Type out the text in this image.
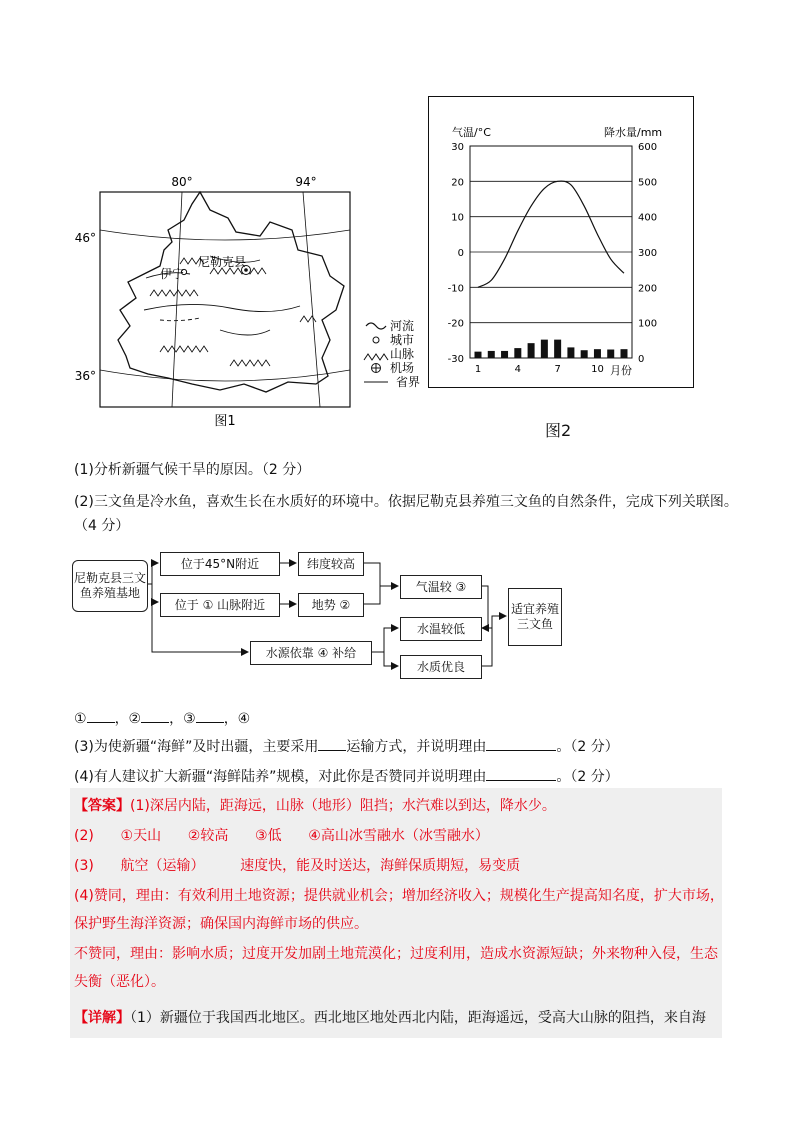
80°	94°
46°
36°
尼勒克县
伊宁
图1
河流
城市
山脉
机场
省界
气温/°C	降水量/mm
30
20
10
0
-10
-20
-30
600
500
400
300
200
100
0
1	4	7	10 月份
图2
(1)分析新疆气候干旱的原因。（2 分）
(2)三文鱼是冷水鱼，喜欢生长在水质好的环境中。依据尼勒克县养殖三文鱼的自然条件，完成下列关联图。
（4 分）
尼勒克县三文鱼养殖基地
位于45°N附近
位于 ① 山脉附近
纬度较高
地势 ②
气温较 ③
水温较低
水质优良
水源依靠 ④ 补给
适宜养殖三文鱼
① ，② ，③ ，④
(3)为使新疆“海鲜”及时出疆，主要采用 运输方式，并说明理由	。（2 分）
(4)有人建议扩大新疆“海鲜陆养”规模，对此你是否赞同并说明理由	。（2 分）
【答案】(1)深居内陆，距海远，山脉（地形）阻挡；水汽难以到达，降水少。
(2)      ①天山      ②较高      ③低      ④高山冰雪融水（冰雪融水）
(3)      航空（运输）        速度快，能及时送达，海鲜保质期短，易变质
(4)赞同，理由：有效利用土地资源；提供就业机会；增加经济收入；规模化生产提高知名度，扩大市场，
保护野生海洋资源；确保国内海鲜市场的供应。
不赞同，理由：影响水质；过度开发加剧土地荒漠化；过度利用，造成水资源短缺；外来物种入侵，生态
失衡（恶化）。
【详解】（1）新疆位于我国西北地区。西北地区地处西北内陆，距海遥远，受高大山脉的阻挡，来自海
